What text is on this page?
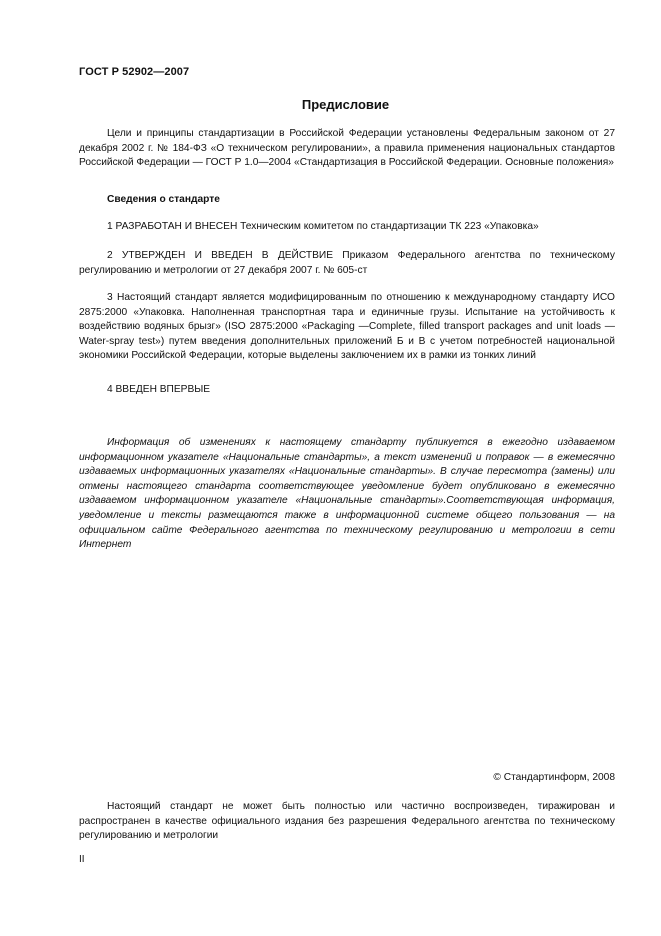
ГОСТ Р 52902—2007
Предисловие
Цели и принципы стандартизации в Российской Федерации установлены Федеральным законом от 27 декабря 2002 г. № 184-ФЗ «О техническом регулировании», а правила применения национальных стандартов Российской Федерации — ГОСТ Р 1.0—2004 «Стандартизация в Российской Федерации. Основные положения»
Сведения о стандарте
1 РАЗРАБОТАН И ВНЕСЕН Техническим комитетом по стандартизации ТК 223 «Упаковка»
2 УТВЕРЖДЕН И ВВЕДЕН В ДЕЙСТВИЕ Приказом Федерального агентства по техническому регулированию и метрологии от 27 декабря 2007 г. № 605-ст
3 Настоящий стандарт является модифицированным по отношению к международному стандарту ИСО 2875:2000 «Упаковка. Наполненная транспортная тара и единичные грузы. Испытание на устойчивость к воздействию водяных брызг» (ISO 2875:2000 «Packaging —Complete, filled transport packages and unit loads — Water-spray test») путем введения дополнительных приложений Б и В с учетом потребностей национальной экономики Российской Федерации, которые выделены заключением их в рамки из тонких линий
4 ВВЕДЕН ВПЕРВЫЕ
Информация об изменениях к настоящему стандарту публикуется в ежегодно издаваемом информационном указателе «Национальные стандарты», а текст изменений и поправок — в ежемесячно издаваемых информационных указателях «Национальные стандарты». В случае пересмотра (замены) или отмены настоящего стандарта соответствующее уведомление будет опубликовано в ежемесячно издаваемом информационном указателе «Национальные стандарты».Соответствующая информация, уведомление и тексты размещаются также в информационной системе общего пользования — на официальном сайте Федерального агентства по техническому регулированию и метрологии в сети Интернет
© Стандартинформ, 2008
Настоящий стандарт не может быть полностью или частично воспроизведен, тиражирован и распространен в качестве официального издания без разрешения Федерального агентства по техническому регулированию и метрологии
II
